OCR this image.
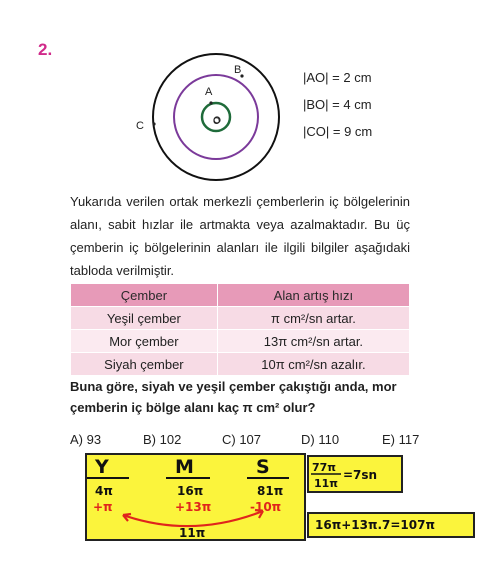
2.
B
A
O
C
|AO| = 2 cm
|BO| = 4 cm
|CO| = 9 cm
Yukarıda verilen ortak merkezli çemberlerin iç bölgelerinin alanı, sabit hızlar ile artmakta veya azalmaktadır. Bu üç çemberin iç bölgelerinin alanları ile ilgili bilgiler aşağıdaki tabloda verilmiştir.
Çember	Alan artış hızı
Yeşil çember	π cm²/sn artar.
Mor çember	13π cm²/sn artar.
Siyah çember	10π cm²/sn azalır.
Buna göre, siyah ve yeşil çember çakıştığı anda, mor çemberin iç bölge alanı kaç π cm² olur?
A) 93	B) 102	C) 107	D) 110	E) 117
Y	M	S
4π	16π	81π
+π	+13π	-10π
11π
77π
11π
=7sn
16π+13π.7=107π
